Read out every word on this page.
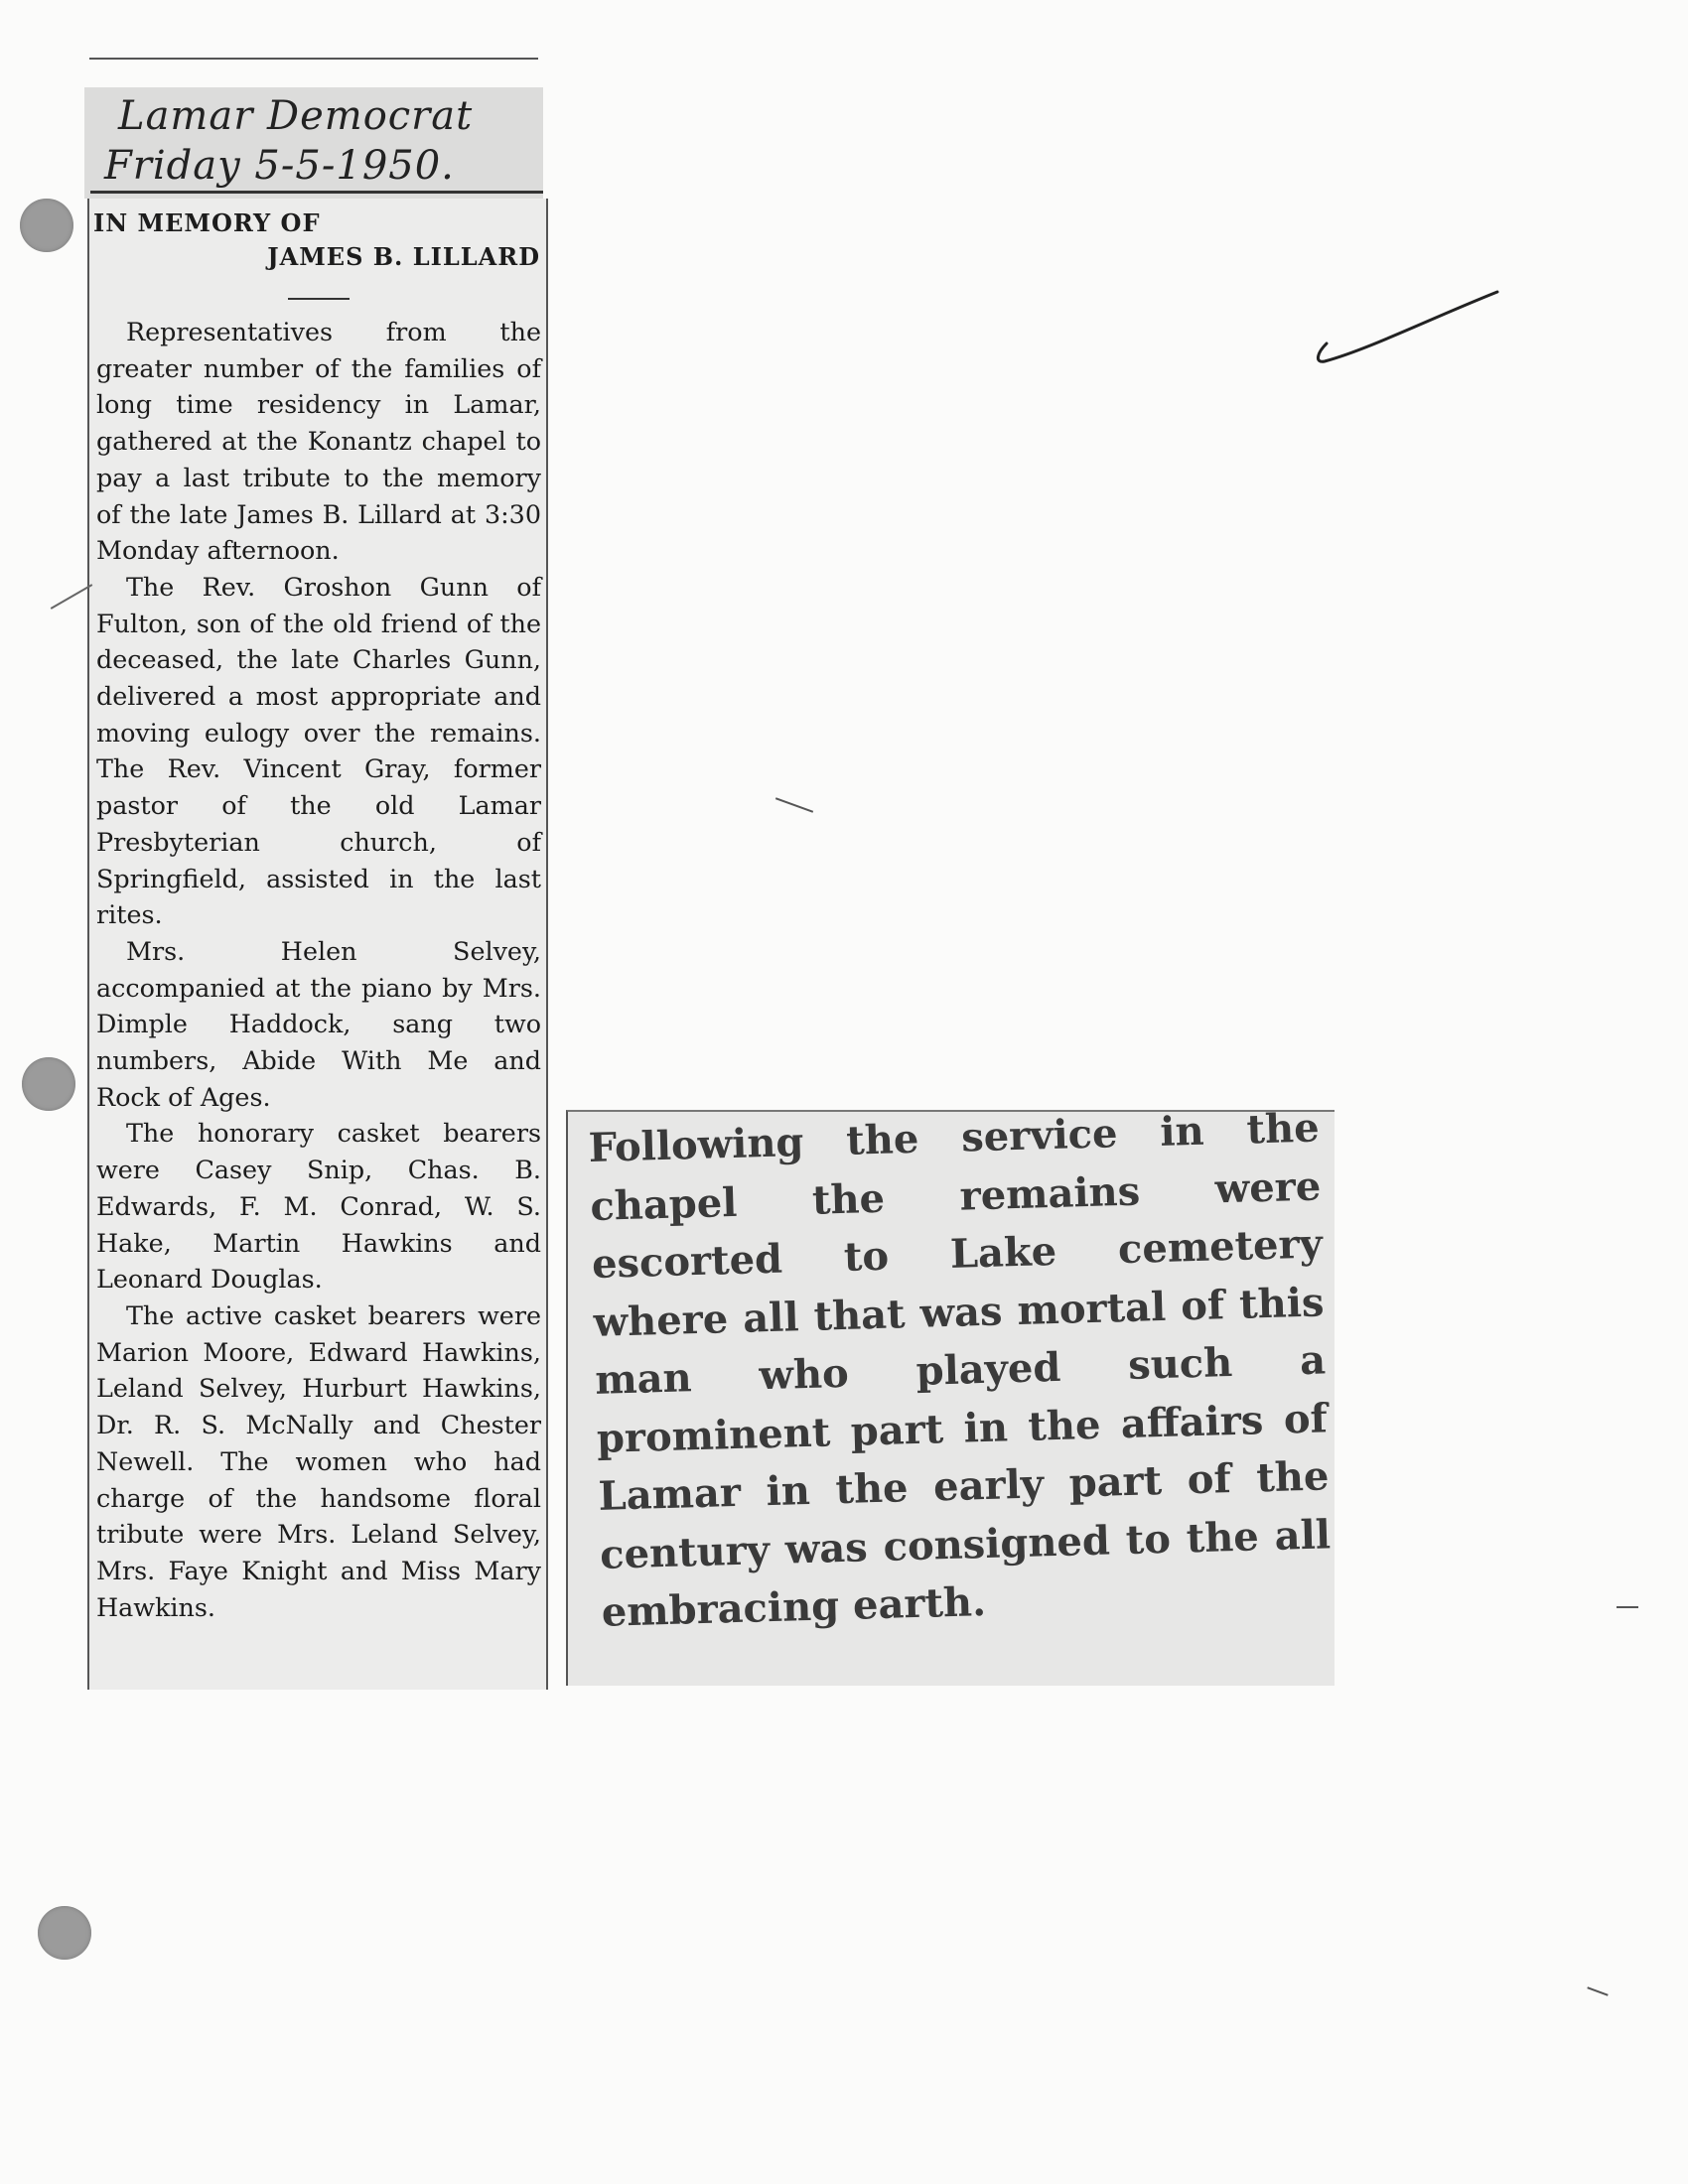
Lamar Democrat
Friday 5-5-1950.
IN MEMORY OF
JAMES B. LILLARD

Representatives from the greater number of the families of long time residency in Lamar, gathered at the Konantz chapel to pay a last tribute to the memory of the late James B. Lillard at 3:30 Monday afternoon.

The Rev. Groshon Gunn of Fulton, son of the old friend of the deceased, the late Charles Gunn, delivered a most appropriate and moving eulogy over the remains. The Rev. Vincent Gray, former pastor of the old Lamar Presbyterian church, of Springfield, assisted in the last rites.

Mrs. Helen Selvey, accompanied at the piano by Mrs. Dimple Haddock, sang two numbers, Abide With Me and Rock of Ages.

The honorary casket bearers were Casey Snip, Chas. B. Edwards, F. M. Conrad, W. S. Hake, Martin Hawkins and Leonard Douglas.

The active casket bearers were Marion Moore, Edward Hawkins, Leland Selvey, Hurburt Hawkins, Dr. R. S. McNally and Chester Newell. The women who had charge of the handsome floral tribute were Mrs. Leland Selvey, Mrs. Faye Knight and Miss Mary Hawkins.

Following the service in the chapel the remains were escorted to Lake cemetery where all that was mortal of this man who played such a prominent part in the affairs of Lamar in the early part of the century was consigned to the all embracing earth.
